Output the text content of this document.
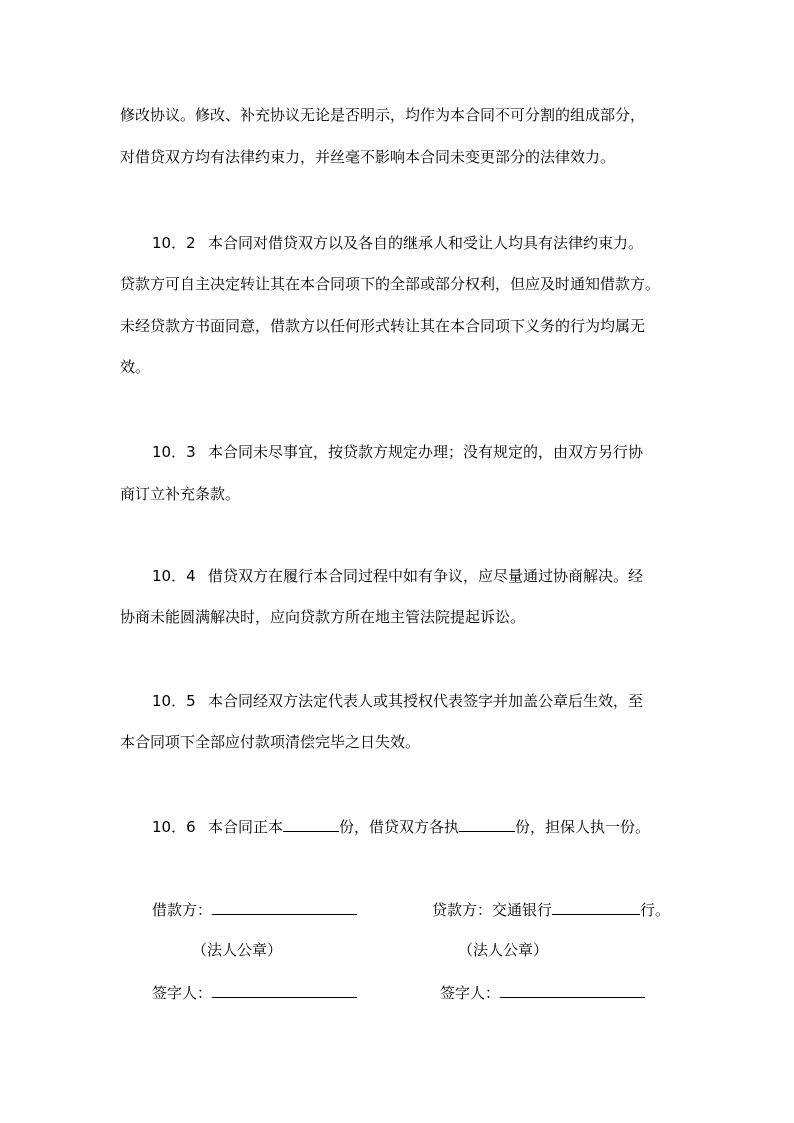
修改协议。修改、补充协议无论是否明示，均作为本合同不可分割的组成部分，
对借贷双方均有法律约束力，并丝毫不影响本合同未变更部分的法律效力。
10．2 本合同对借贷双方以及各自的继承人和受让人均具有法律约束力。
贷款方可自主决定转让其在本合同项下的全部或部分权利，但应及时通知借款方。
未经贷款方书面同意，借款方以任何形式转让其在本合同项下义务的行为均属无
效。
10．3 本合同未尽事宜，按贷款方规定办理；没有规定的，由双方另行协
商订立补充条款。
10．4 借贷双方在履行本合同过程中如有争议，应尽量通过协商解决。经
协商未能圆满解决时，应向贷款方所在地主管法院提起诉讼。
10．5 本合同经双方法定代表人或其授权代表签字并加盖公章后生效，至
本合同项下全部应付款项清偿完毕之日失效。
10．6 本合同正本	份，借贷双方各执	份，担保人执一份。
借款方：	贷款方：交通银行	行。
（法人公章）	（法人公章）
签字人：	签字人：
